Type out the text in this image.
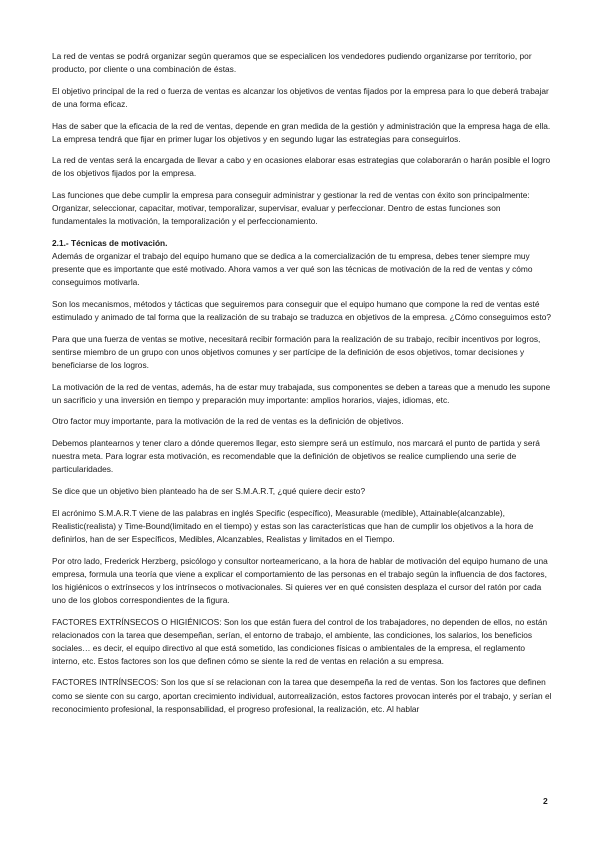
La red de ventas se podrá organizar según queramos que se especialicen los vendedores pudiendo organizarse por territorio, por producto, por cliente o una combinación de éstas.

El objetivo principal de la red o fuerza de ventas es alcanzar los objetivos de ventas fijados por la empresa para lo que deberá trabajar de una forma eficaz.

Has de saber que la eficacia de la red de ventas, depende en gran medida de la gestión y administración que la empresa haga de ella. La empresa tendrá que fijar en primer lugar los objetivos y en segundo lugar las estrategias para conseguirlos.

La red de ventas será la encargada de llevar a cabo y en ocasiones elaborar esas estrategias que colaborarán o harán posible el logro de los objetivos fijados por la empresa.

Las funciones que debe cumplir la empresa para conseguir administrar y gestionar la red de ventas con éxito son principalmente: Organizar, seleccionar, capacitar, motivar, temporalizar, supervisar, evaluar y perfeccionar. Dentro de estas funciones son fundamentales la motivación, la temporalización y el perfeccionamiento.

2.1.- Técnicas de motivación.

Además de organizar el trabajo del equipo humano que se dedica a la comercialización de tu empresa, debes tener siempre muy presente que es importante que esté motivado. Ahora vamos a ver qué son las técnicas de motivación de la red de ventas y cómo conseguimos motivarla.

Son los mecanismos, métodos y tácticas que seguiremos para conseguir que el equipo humano que compone la red de ventas esté estimulado y animado de tal forma que la realización de su trabajo se traduzca en objetivos de la empresa. ¿Cómo conseguimos esto?

Para que una fuerza de ventas se motive, necesitará recibir formación para la realización de su trabajo, recibir incentivos por logros, sentirse miembro de un grupo con unos objetivos comunes y ser partícipe de la definición de esos objetivos, tomar decisiones y beneficiarse de los logros.

La motivación de la red de ventas, además, ha de estar muy trabajada, sus componentes se deben a tareas que a menudo les supone un sacrificio y una inversión en tiempo y preparación muy importante: amplios horarios, viajes, idiomas, etc.

Otro factor muy importante, para la motivación de la red de ventas es la definición de objetivos.

Debemos plantearnos y tener claro a dónde queremos llegar, esto siempre será un estímulo, nos marcará el punto de partida y será nuestra meta. Para lograr esta motivación, es recomendable que la definición de objetivos se realice cumpliendo una serie de particularidades.

Se dice que un objetivo bien planteado ha de ser S.M.A.R.T, ¿qué quiere decir esto?

El acrónimo S.M.A.R.T viene de las palabras en inglés Specific (específico), Measurable (medible), Attainable(alcanzable), Realistic(realista) y Time-Bound(limitado en el tiempo) y estas son las características que han de cumplir los objetivos a la hora de definirlos, han de ser Específicos, Medibles, Alcanzables, Realistas y limitados en el Tiempo.

Por otro lado, Frederick Herzberg, psicólogo y consultor norteamericano, a la hora de hablar de motivación del equipo humano de una empresa, formula una teoría que viene a explicar el comportamiento de las personas en el trabajo según la influencia de dos factores, los higiénicos o extrínsecos y los intrínsecos o motivacionales. Si quieres ver en qué consisten desplaza el cursor del ratón por cada uno de los globos correspondientes de la figura.

FACTORES EXTRÍNSECOS O HIGIÉNICOS: Son los que están fuera del control de los trabajadores, no dependen de ellos, no están relacionados con la tarea que desempeñan, serían, el entorno de trabajo, el ambiente, las condiciones, los salarios, los beneficios sociales… es decir, el equipo directivo al que está sometido, las condiciones físicas o ambientales de la empresa, el reglamento interno, etc. Estos factores son los que definen cómo se siente la red de ventas en relación a su empresa.

FACTORES INTRÍNSECOS: Son los que sí se relacionan con la tarea que desempeña la red de ventas. Son los factores que definen como se siente con su cargo, aportan crecimiento individual, autorrealización, estos factores provocan interés por el trabajo, y serían el reconocimiento profesional, la responsabilidad, el progreso profesional, la realización, etc. Al hablar

2
